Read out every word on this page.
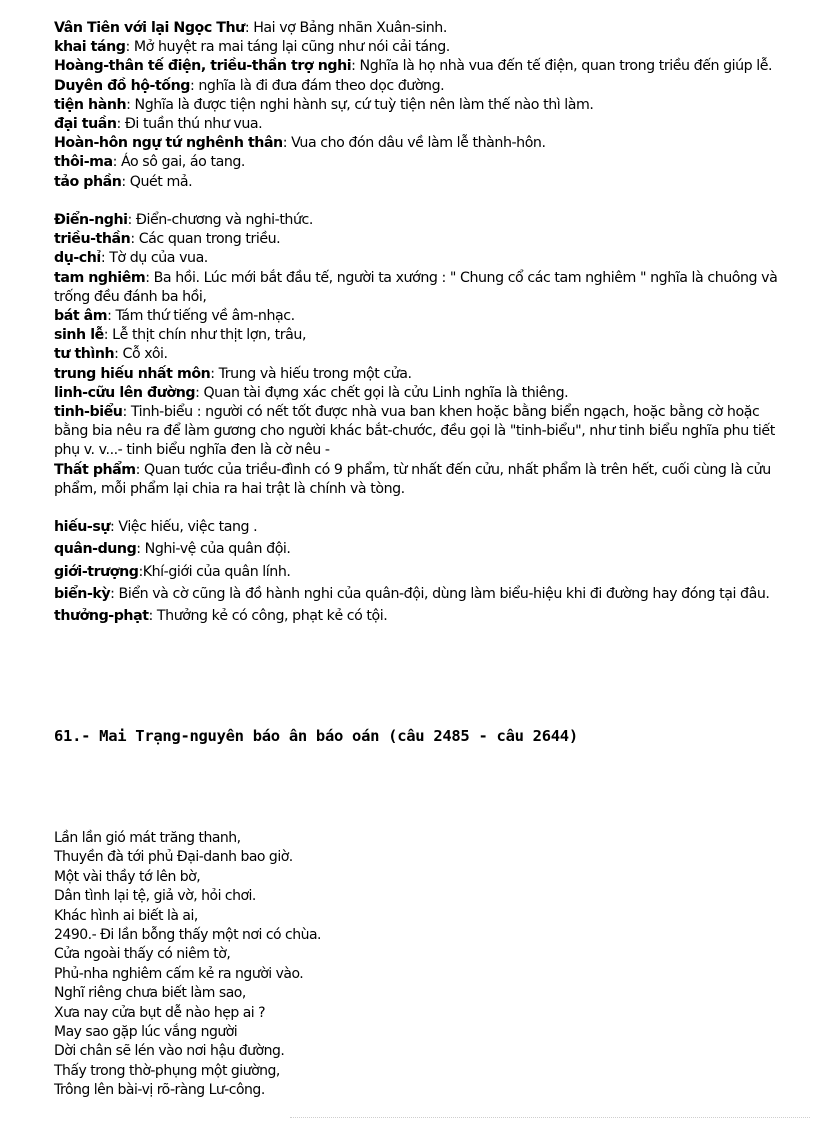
Vân Tiên với lại Ngọc Thư: Hai vợ Bảng nhãn Xuân-sinh.

khai táng: Mở huyệt ra mai táng lại cũng như nói cải táng.

Hoàng-thân tế điện, triều-thần trợ nghi: Nghĩa là họ nhà vua đến tế điện, quan trong triều đến giúp lễ.

Duyên đồ hộ-tống: nghĩa là đi đưa đám theo dọc đường.

tiện hành: Nghĩa là được tiện nghi hành sự, cứ tuỳ tiện nên làm thế nào thì làm.

đại tuần: Đi tuần thú như vua.

Hoàn-hôn ngự tứ nghênh thân: Vua cho đón dâu về làm lễ thành-hôn.

thôi-ma: Áo sô gai, áo tang.

tảo phần: Quét mả.

Điển-nghi: Điển-chương và nghi-thức.

triều-thần: Các quan trong triều.

dụ-chỉ: Tờ dụ của vua.

tam nghiêm: Ba hồi. Lúc mới bắt đầu tế, người ta xướng : " Chung cổ các tam nghiêm " nghĩa là chuông và trống đều đánh ba hồi,

bát âm: Tám thứ tiếng về âm-nhạc.

sinh lễ: Lễ thịt chín như thịt lợn, trâu,

tư thình: Cỗ xôi.

trung hiếu nhất môn: Trung và hiếu trong một cửa.

linh-cữu lên đường: Quan tài đựng xác chết gọi là cửu Linh nghĩa là thiêng.

tinh-biểu: Tinh-biểu : người có nết tốt được nhà vua ban khen hoặc bằng biển ngạch, hoặc bằng cờ hoặc bằng bia nêu ra để làm gương cho người khác bắt-chước, đều gọi là "tinh-biểu", như tinh biểu nghĩa phu tiết phụ v. v...- tinh biểu nghĩa đen là cờ nêu -

Thất phẩm: Quan tước của triều-đình có 9 phẩm, từ nhất đến cửu, nhất phẩm là trên hết, cuối cùng là cửu phẩm, mỗi phẩm lại chia ra hai trật là chính và tòng.

hiếu-sự: Việc hiếu, việc tang .

quân-dung: Nghi-vệ của quân đội.

giới-trượng:Khí-giới của quân lính.

biển-kỳ: Biển và cờ cũng là đồ hành nghi của quân-đội, dùng làm biểu-hiệu khi đi đường hay đóng tại đâu.

thưởng-phạt: Thưởng kẻ có công, phạt kẻ có tội.

61.- Mai Trạng-nguyên báo ân báo oán (câu 2485 - câu 2644)

Lần lần gió mát trăng thanh,

Thuyền đà tới phủ Đại-danh bao giờ.

Một vài thầy tớ lên bờ,

Dân tình lại tệ, giả vờ, hỏi chơi.

Khác hình ai biết là ai,

2490.- Đi lần bỗng thấy một nơi có chùa.

Cửa ngoài thấy có niêm tờ,

Phủ-nha nghiêm cấm kẻ ra người vào.

Nghĩ riêng chưa biết làm sao,

Xưa nay cửa bụt dễ nào hẹp ai ?

May sao gặp lúc vắng người

Dời chân sẽ lén vào nơi hậu đường.

Thấy trong thờ-phụng một giường,

Trông lên bài-vị rõ-ràng Lư-công.
